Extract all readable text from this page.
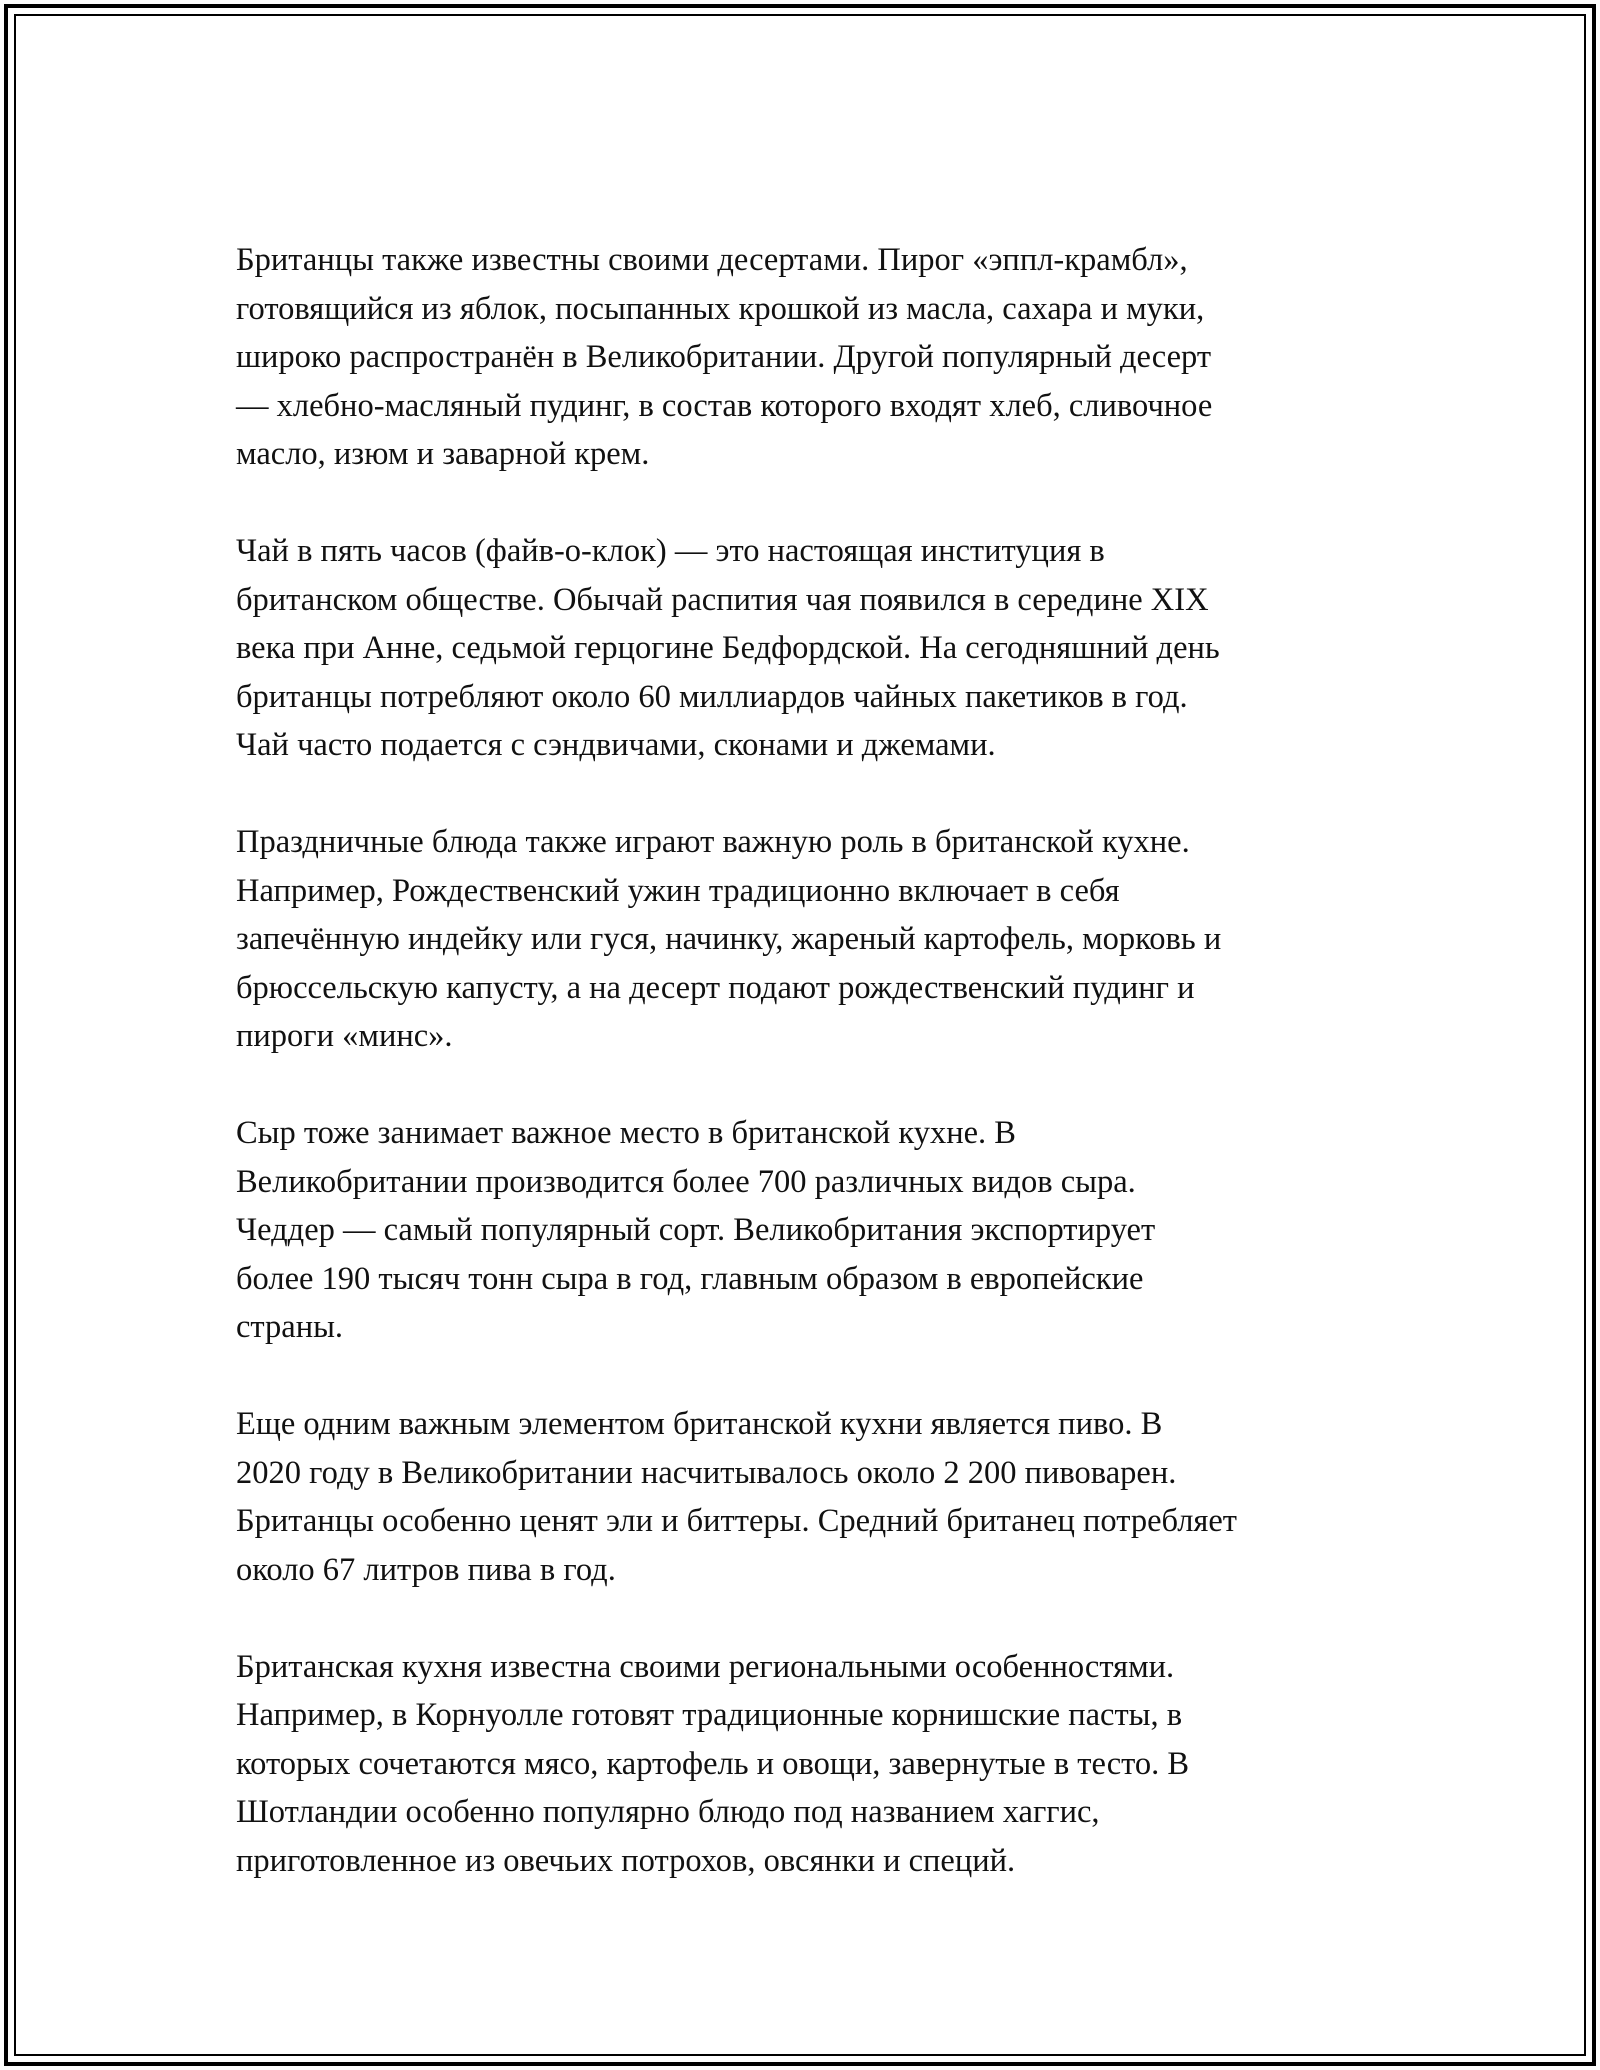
Британцы также известны своими десертами. Пирог «эппл-крамбл»,
готовящийся из яблок, посыпанных крошкой из масла, сахара и муки,
широко распространён в Великобритании. Другой популярный десерт
— хлебно-масляный пудинг, в состав которого входят хлеб, сливочное
масло, изюм и заварной крем.
Чай в пять часов (файв-о-клок) — это настоящая институция в
британском обществе. Обычай распития чая появился в середине XIX
века при Анне, седьмой герцогине Бедфордской. На сегодняшний день
британцы потребляют около 60 миллиардов чайных пакетиков в год.
Чай часто подается с сэндвичами, сконами и джемами.
Праздничные блюда также играют важную роль в британской кухне.
Например, Рождественский ужин традиционно включает в себя
запечённую индейку или гуся, начинку, жареный картофель, морковь и
брюссельскую капусту, а на десерт подают рождественский пудинг и
пироги «минс».
Сыр тоже занимает важное место в британской кухне. В
Великобритании производится более 700 различных видов сыра.
Чеддер — самый популярный сорт. Великобритания экспортирует
более 190 тысяч тонн сыра в год, главным образом в европейские
страны.
Еще одним важным элементом британской кухни является пиво. В
2020 году в Великобритании насчитывалось около 2 200 пивоварен.
Британцы особенно ценят эли и биттеры. Средний британец потребляет
около 67 литров пива в год.
Британская кухня известна своими региональными особенностями.
Например, в Корнуолле готовят традиционные корнишские пасты, в
которых сочетаются мясо, картофель и овощи, завернутые в тесто. В
Шотландии особенно популярно блюдо под названием хаггис,
приготовленное из овечьих потрохов, овсянки и специй.
